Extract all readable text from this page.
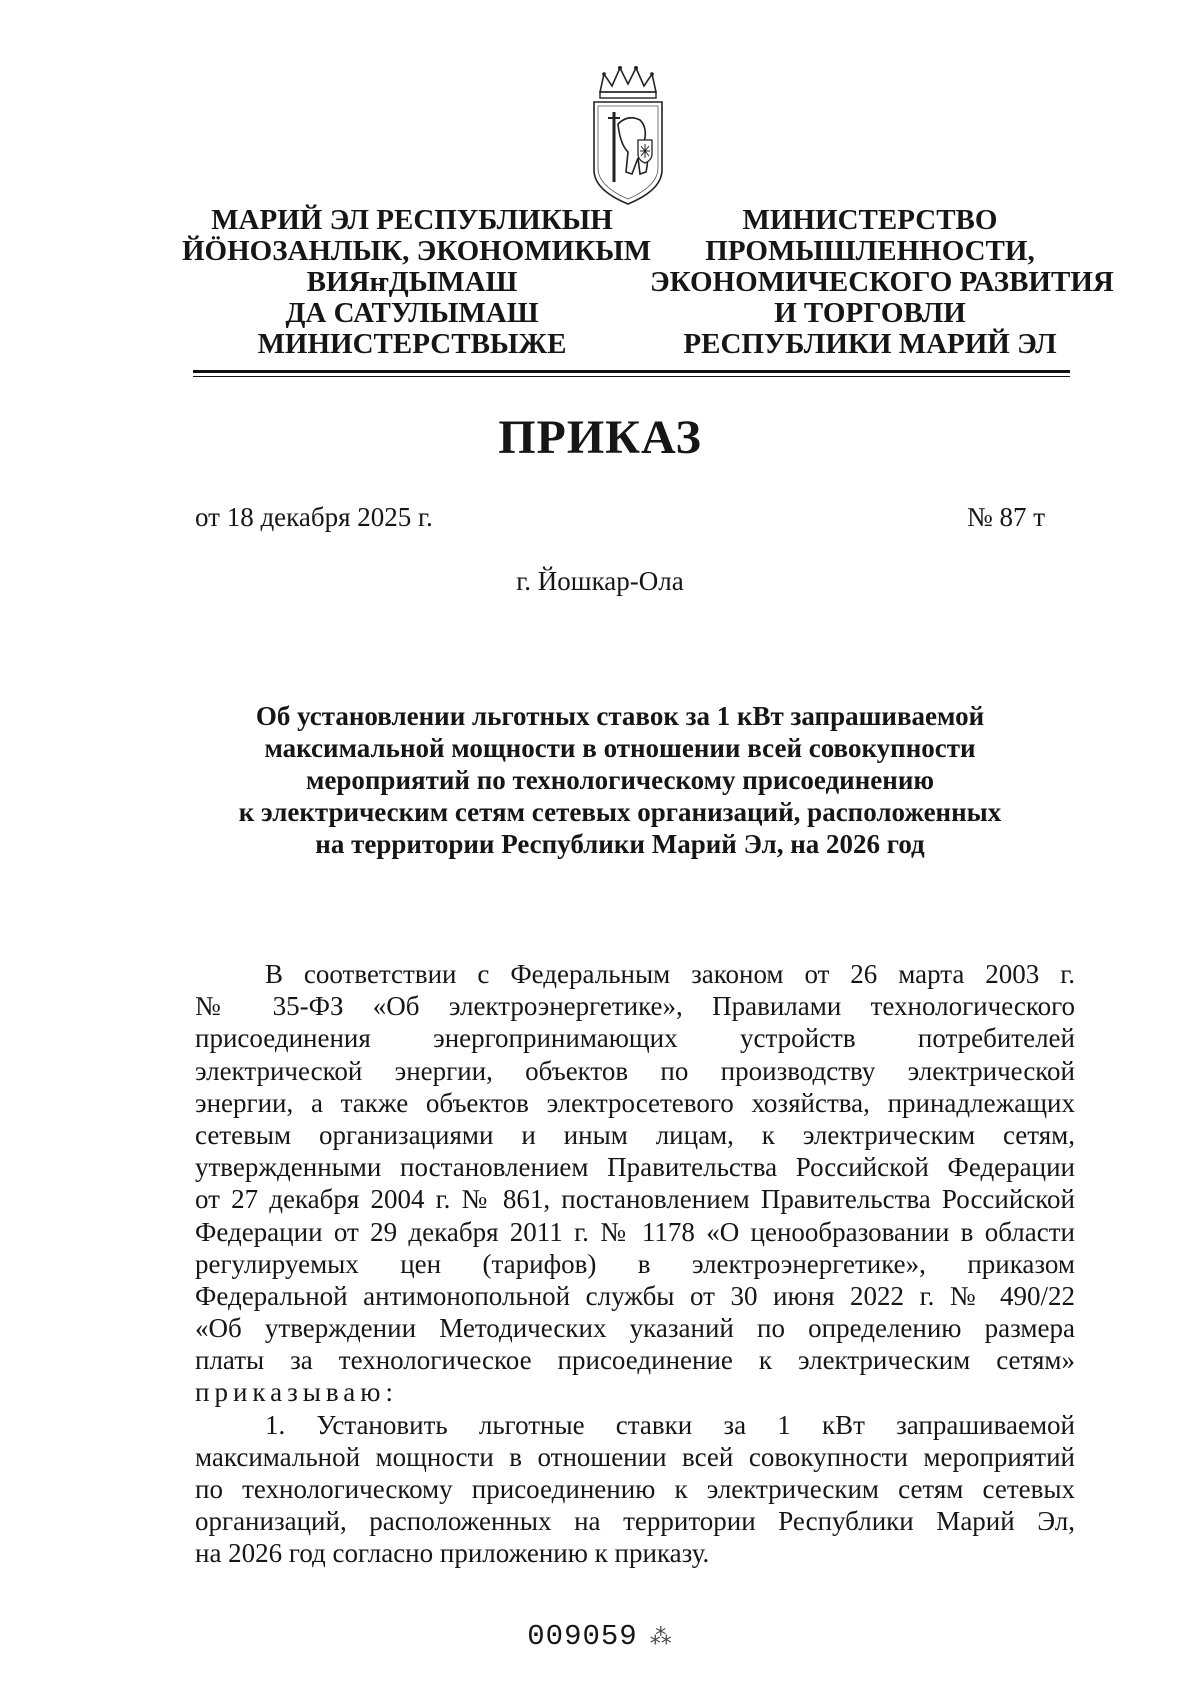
МАРИЙ ЭЛ РЕСПУБЛИКЫН
ЙӦНОЗАНЛЫК, ЭКОНОМИКЫМ
ВИЯҥДЫМАШ
ДА САТУЛЫМАШ
МИНИСТЕРСТВЫЖЕ
МИНИСТЕРСТВО
ПРОМЫШЛЕННОСТИ,
ЭКОНОМИЧЕСКОГО РАЗВИТИЯ
И ТОРГОВЛИ
РЕСПУБЛИКИ МАРИЙ ЭЛ
ПРИКАЗ
от 18 декабря 2025 г.	№ 87 т
г. Йошкар-Ола
Об установлении льготных ставок за 1 кВт запрашиваемой
максимальной мощности в отношении всей совокупности
мероприятий по технологическому присоединению
к электрическим сетям сетевых организаций, расположенных
на территории Республики Марий Эл, на 2026 год
В соответствии с Федеральным законом от 26 марта 2003 г.
№ 35-ФЗ «Об электроэнергетике», Правилами технологического
присоединения энергопринимающих устройств потребителей
электрической энергии, объектов по производству электрической
энергии, а также объектов электросетевого хозяйства, принадлежащих
сетевым организациями и иным лицам, к электрическим сетям,
утвержденными постановлением Правительства Российской Федерации
от 27 декабря 2004 г. № 861, постановлением Правительства Российской
Федерации от 29 декабря 2011 г. № 1178 «О ценообразовании в области
регулируемых цен (тарифов) в электроэнергетике», приказом
Федеральной антимонопольной службы от 30 июня 2022 г. № 490/22
«Об утверждении Методических указаний по определению размера
платы за технологическое присоединение к электрическим сетям»
приказываю:
1. Установить льготные ставки за 1 кВт запрашиваемой
максимальной мощности в отношении всей совокупности мероприятий
по технологическому присоединению к электрическим сетям сетевых
организаций, расположенных на территории Республики Марий Эл,
на 2026 год согласно приложению к приказу.
009059 ⁂
